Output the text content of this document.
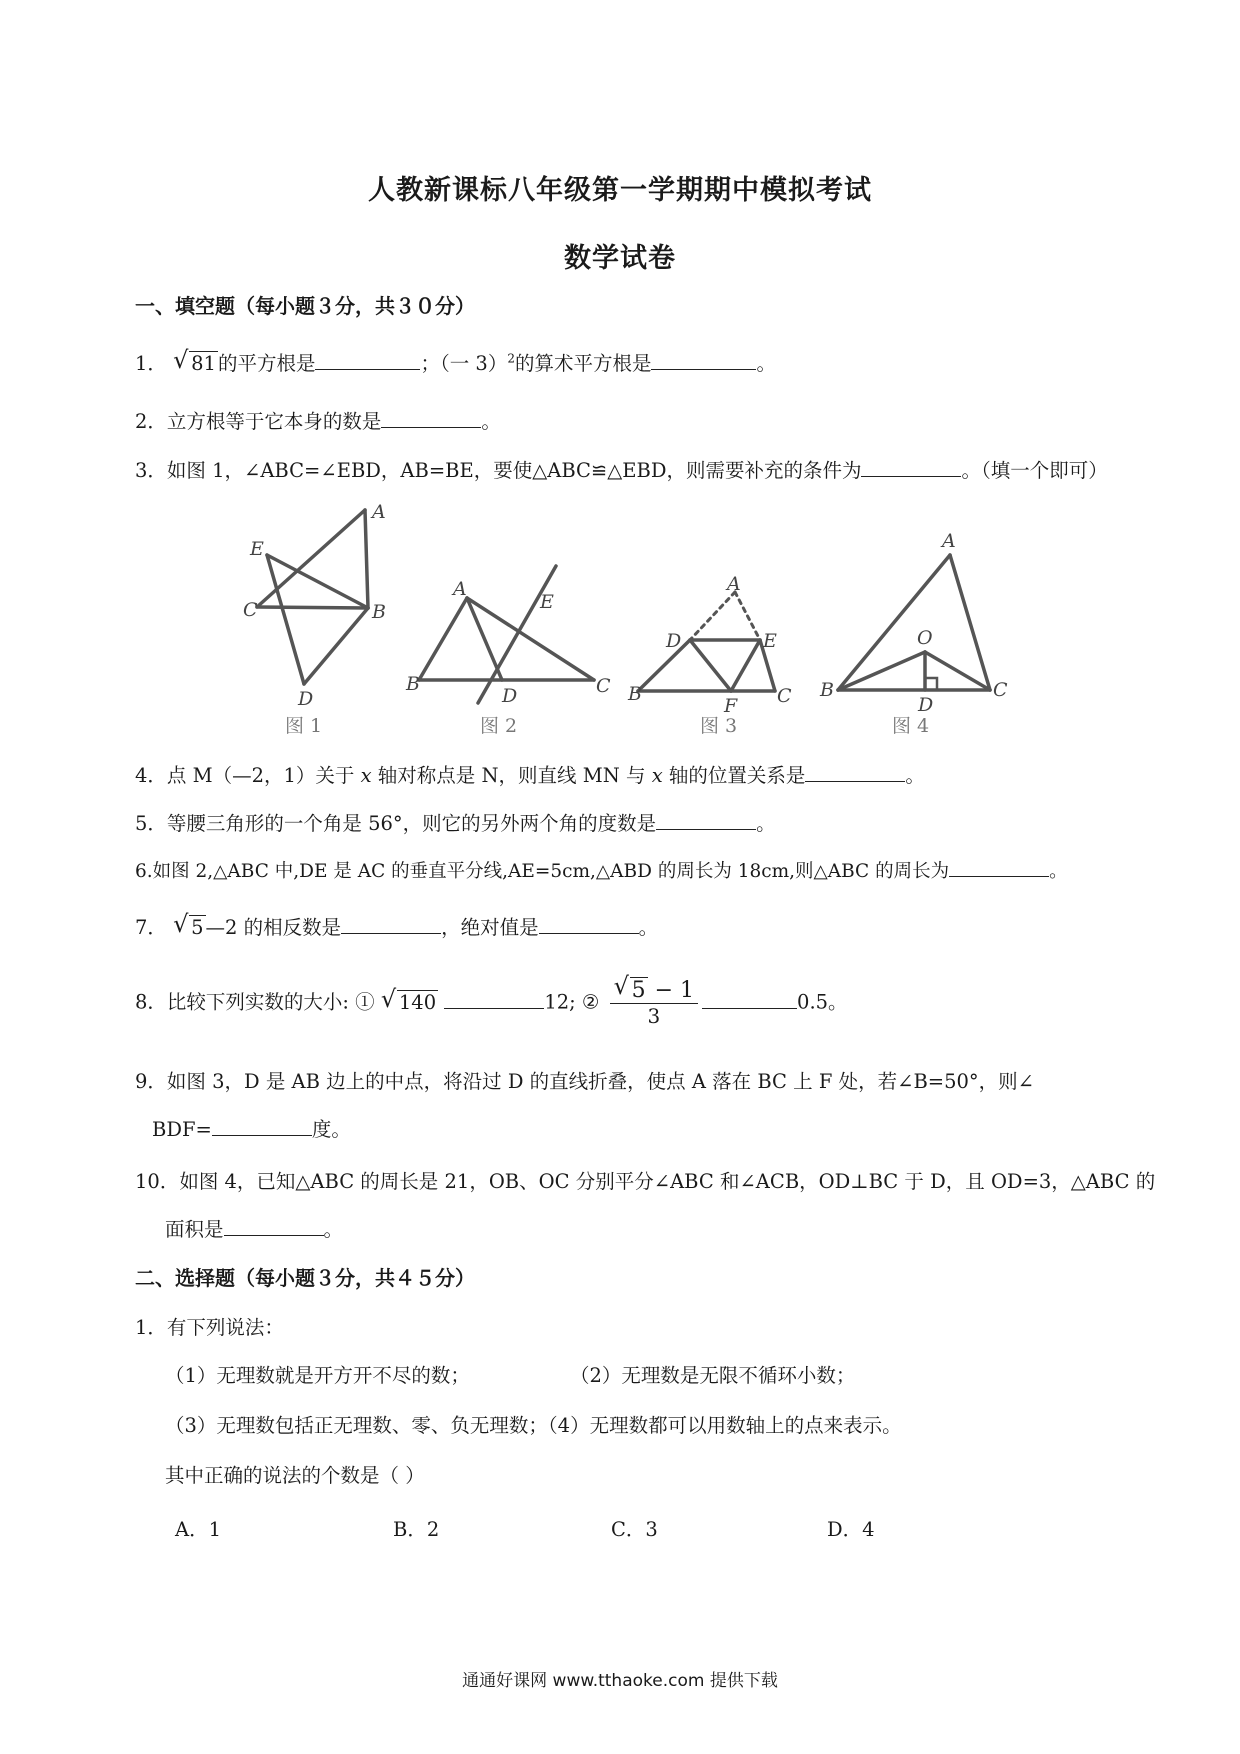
人教新课标八年级第一学期期中模拟考试
数学试卷
一、填空题（每小题３分，共３０分）
1． √ 81 的平方根是	；（一 3）$^2$的算术平方根是	。
2．立方根等于它本身的数是	。
3．如图 1，∠ABC=∠EBD，AB=BE，要使△ABC≌△EBD，则需要补充的条件为	。（填一个即可）
A
E
C	B
D
图 1
A
E
B
D	C
图 2
A
D	E
B
F C
图 3
A
O
B
D
C
图 4
4．点 M（—2，1）关于 x 轴对称点是 N，则直线 MN 与 x 轴的位置关系是	。
5．等腰三角形的一个角是 56°，则它的另外两个角的度数是	。
6.如图 2,△ABC 中,DE 是 AC 的垂直平分线,AE=5cm,△ABD 的周长为 18cm,则△ABC 的周长为	。
7． √ 5 —2 的相反数是	，绝对值是	。
8．比较下列实数的大小: ① √ 140	12; ② $\frac{√ 5 - 1}{3}$	0.5。
9．如图 3，D 是 AB 边上的中点，将沿过 D 的直线折叠，使点 A 落在 BC 上 F 处，若∠B=50°，则∠
BDF=	度。
10．如图 4，已知△ABC 的周长是 21，OB、OC 分别平分∠ABC 和∠ACB，OD⊥BC 于 D，且 OD=3，△ABC 的
面积是	。
二、选择题（每小题３分，共４５分）
1．有下列说法：
（1）无理数就是开方开不尽的数；	（2）无理数是无限不循环小数；
（3）无理数包括正无理数、零、负无理数；（4）无理数都可以用数轴上的点来表示。
其中正确的说法的个数是（ ）
A．1	B．2	C．3	D．4
通通好课网 www.tthaoke.com 提供下载
